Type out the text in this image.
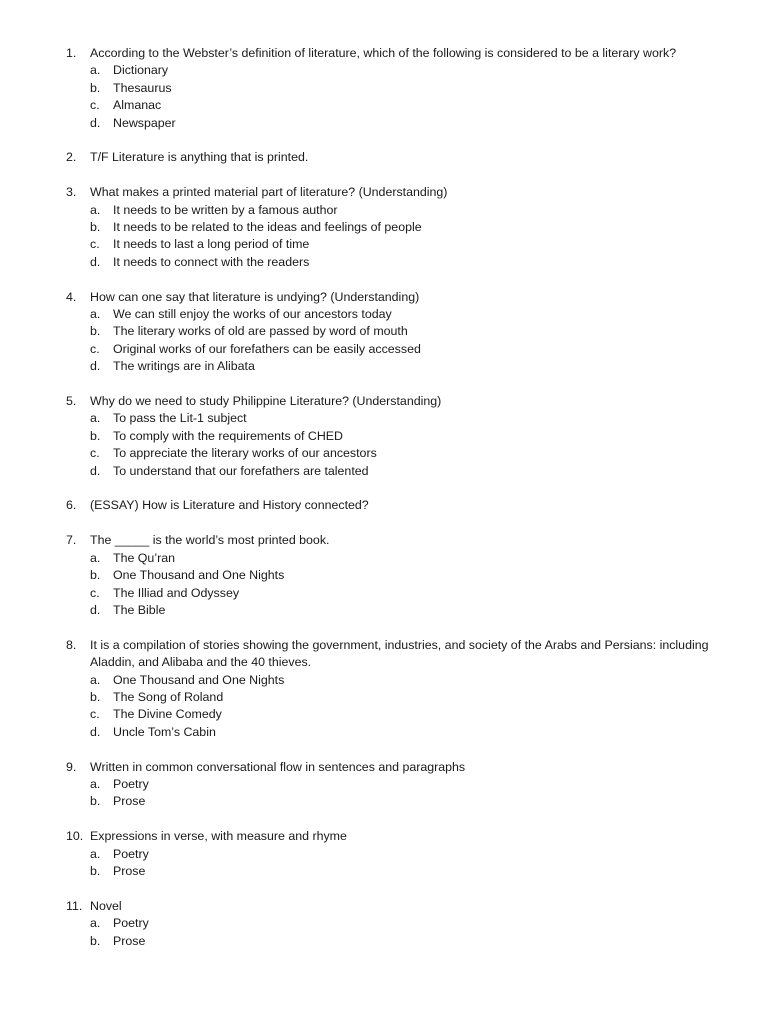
1. According to the Webster’s definition of literature, which of the following is considered to be a literary work?
a. Dictionary
b. Thesaurus
c. Almanac
d. Newspaper
2. T/F Literature is anything that is printed.
3. What makes a printed material part of literature? (Understanding)
a. It needs to be written by a famous author
b. It needs to be related to the ideas and feelings of people
c. It needs to last a long period of time
d. It needs to connect with the readers
4. How can one say that literature is undying? (Understanding)
a. We can still enjoy the works of our ancestors today
b. The literary works of old are passed by word of mouth
c. Original works of our forefathers can be easily accessed
d. The writings are in Alibata
5. Why do we need to study Philippine Literature? (Understanding)
a. To pass the Lit-1 subject
b. To comply with the requirements of CHED
c. To appreciate the literary works of our ancestors
d. To understand that our forefathers are talented
6. (ESSAY) How is Literature and History connected?
7. The _____ is the world’s most printed book.
a. The Qu’ran
b. One Thousand and One Nights
c. The Illiad and Odyssey
d. The Bible
8. It is a compilation of stories showing the government, industries, and society of the Arabs and Persians: including Aladdin, and Alibaba and the 40 thieves.
a. One Thousand and One Nights
b. The Song of Roland
c. The Divine Comedy
d. Uncle Tom’s Cabin
9. Written in common conversational flow in sentences and paragraphs
a. Poetry
b. Prose
10. Expressions in verse, with measure and rhyme
a. Poetry
b. Prose
11. Novel
a. Poetry
b. Prose
